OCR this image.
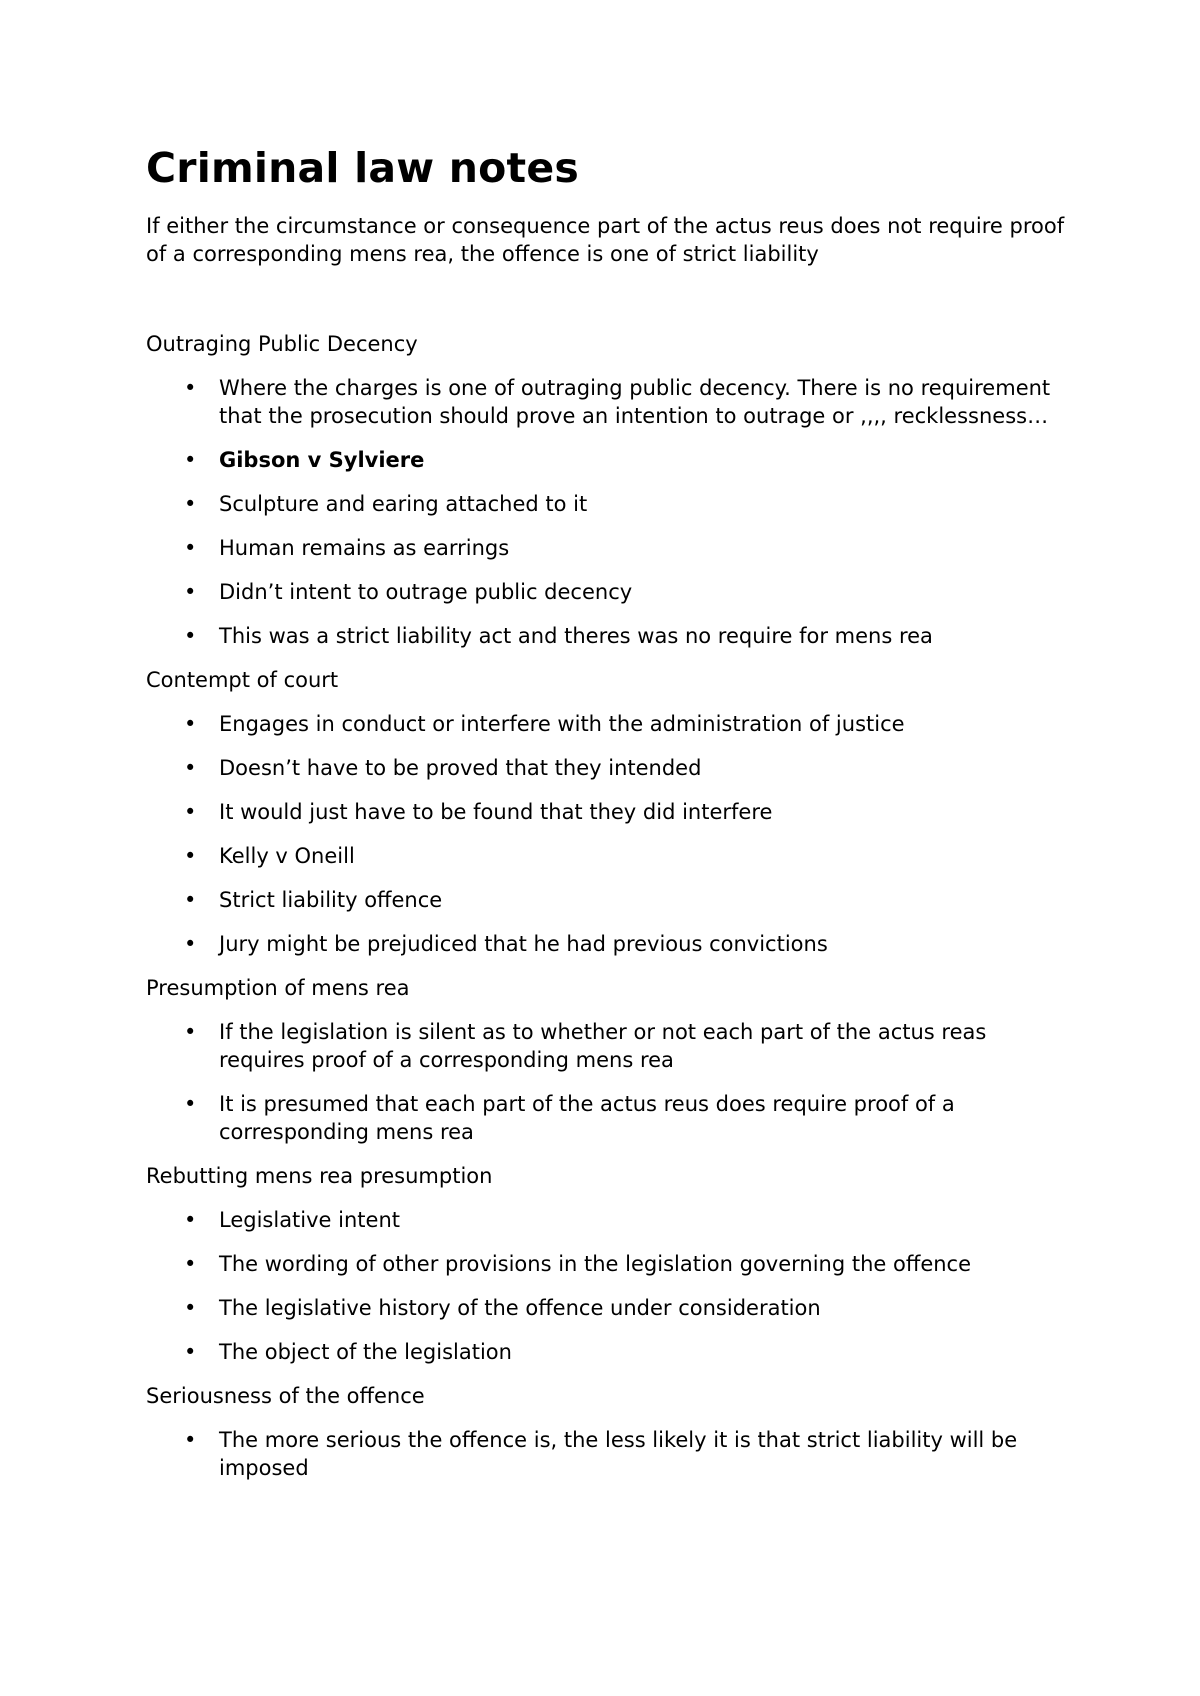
Criminal law notes

If either the circumstance or consequence part of the actus reus does not require proof of a corresponding mens rea, the offence is one of strict liability

Outraging Public Decency
• Where the charges is one of outraging public decency. There is no requirement that the prosecution should prove an intention to outrage or ,,,, recklessness…
• Gibson v Sylviere
• Sculpture and earing attached to it
• Human remains as earrings
• Didn’t intent to outrage public decency
• This was a strict liability act and theres was no require for mens rea
Contempt of court
• Engages in conduct or interfere with the administration of justice
• Doesn’t have to be proved that they intended
• It would just have to be found that they did interfere
• Kelly v Oneill
• Strict liability offence
• Jury might be prejudiced that he had previous convictions
Presumption of mens rea
• If the legislation is silent as to whether or not each part of the actus reas requires proof of a corresponding mens rea
• It is presumed that each part of the actus reus does require proof of a corresponding mens rea
Rebutting mens rea presumption
• Legislative intent
• The wording of other provisions in the legislation governing the offence
• The legislative history of the offence under consideration
• The object of the legislation
Seriousness of the offence
• The more serious the offence is, the less likely it is that strict liability will be imposed
